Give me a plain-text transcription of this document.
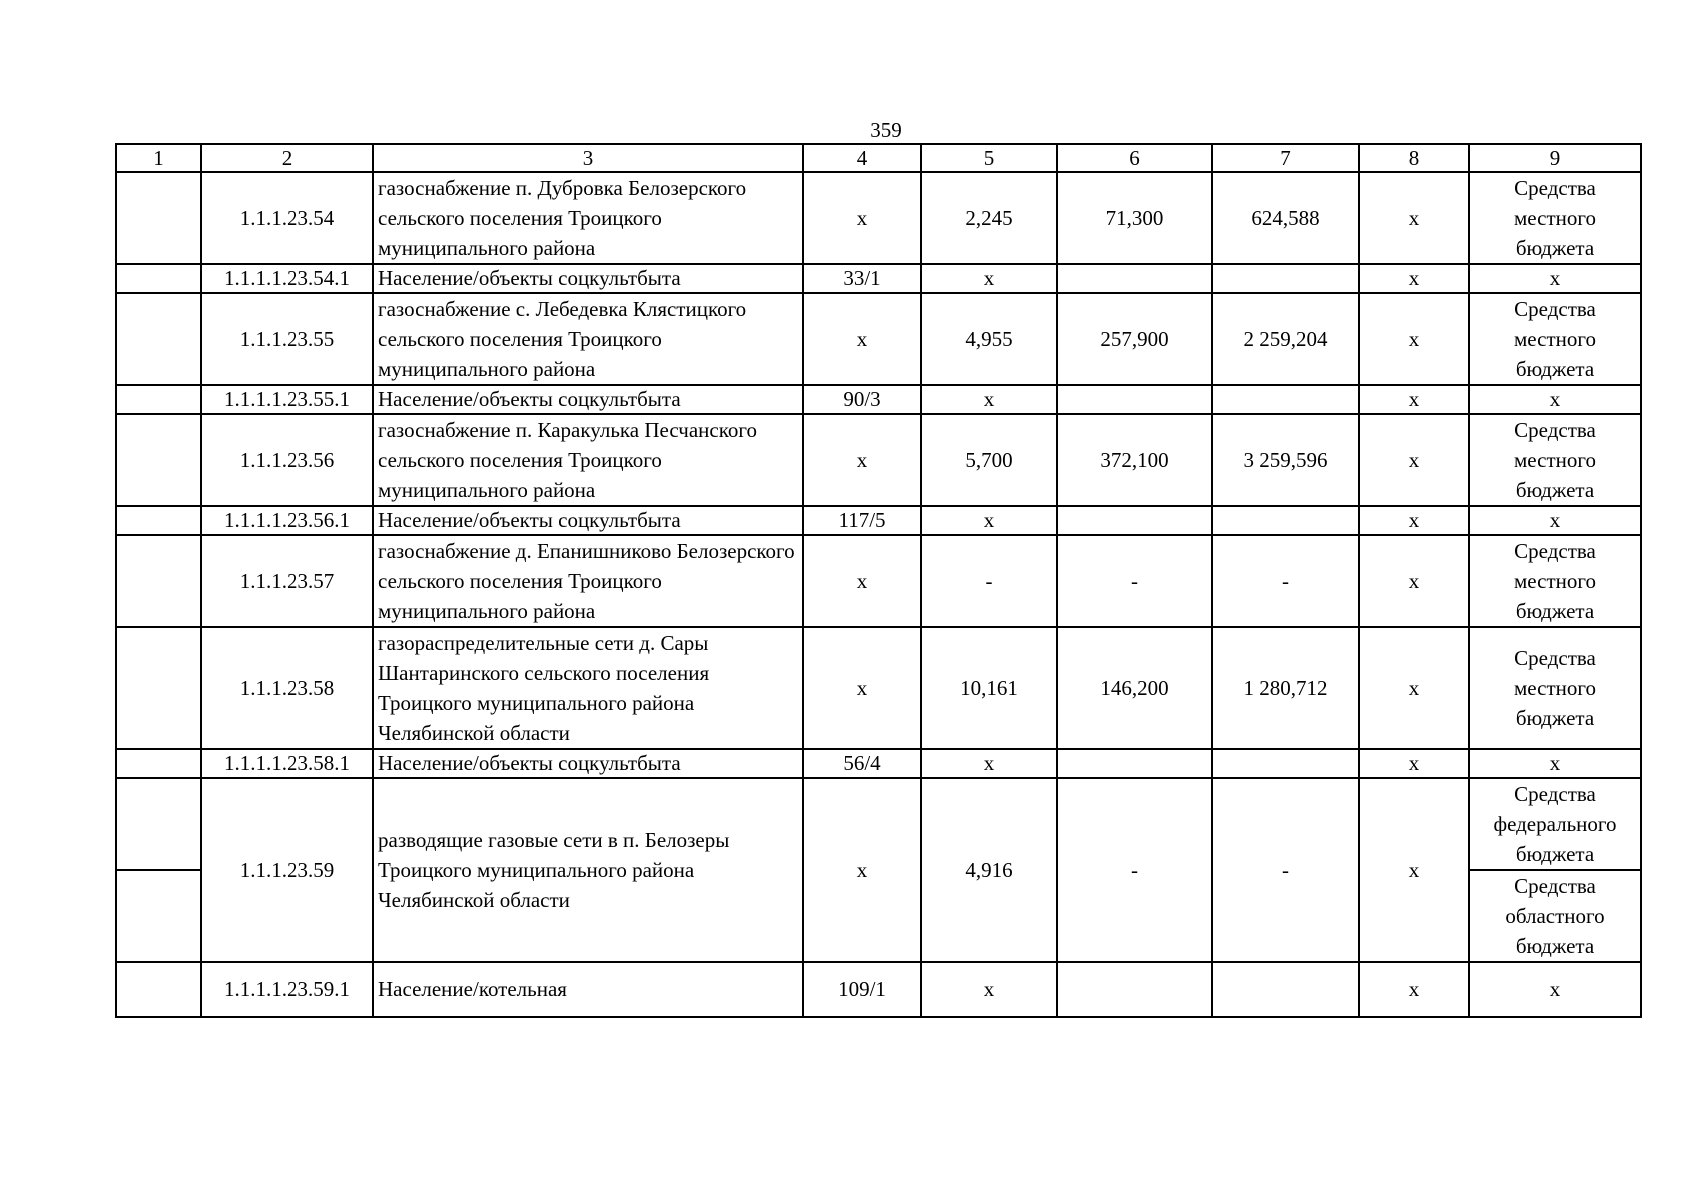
359
1	2	3	4	5	6	7	8	9
	1.1.1.23.54	газоснабжение п. Дубровка Белозерского сельского поселения Троицкого муниципального района	х	2,245	71,300	624,588	х	Средства местного бюджета
	1.1.1.1.23.54.1	Население/объекты соцкультбыта	33/1	х			х	х
	1.1.1.23.55	газоснабжение с. Лебедевка Клястицкого сельского поселения Троицкого муниципального района	х	4,955	257,900	2 259,204	х	Средства местного бюджета
	1.1.1.1.23.55.1	Население/объекты соцкультбыта	90/3	х			х	х
	1.1.1.23.56	газоснабжение п. Каракулька Песчанского сельского поселения Троицкого муниципального района	х	5,700	372,100	3 259,596	х	Средства местного бюджета
	1.1.1.1.23.56.1	Население/объекты соцкультбыта	117/5	х			х	х
	1.1.1.23.57	газоснабжение д. Епанишниково Белозерского сельского поселения Троицкого муниципального района	х	-	-	-	х	Средства местного бюджета
	1.1.1.23.58	газораспределительные сети д. Сары Шантаринского сельского поселения Троицкого муниципального района Челябинской области	х	10,161	146,200	1 280,712	х	Средства местного бюджета
	1.1.1.1.23.58.1	Население/объекты соцкультбыта	56/4	х			х	х
	1.1.1.23.59	разводящие газовые сети в п. Белозеры Троицкого муниципального района Челябинской области	х	4,916	-	-	х	Средства федерального бюджета
								Средства областного бюджета
	1.1.1.1.23.59.1	Население/котельная	109/1	х			х	х
